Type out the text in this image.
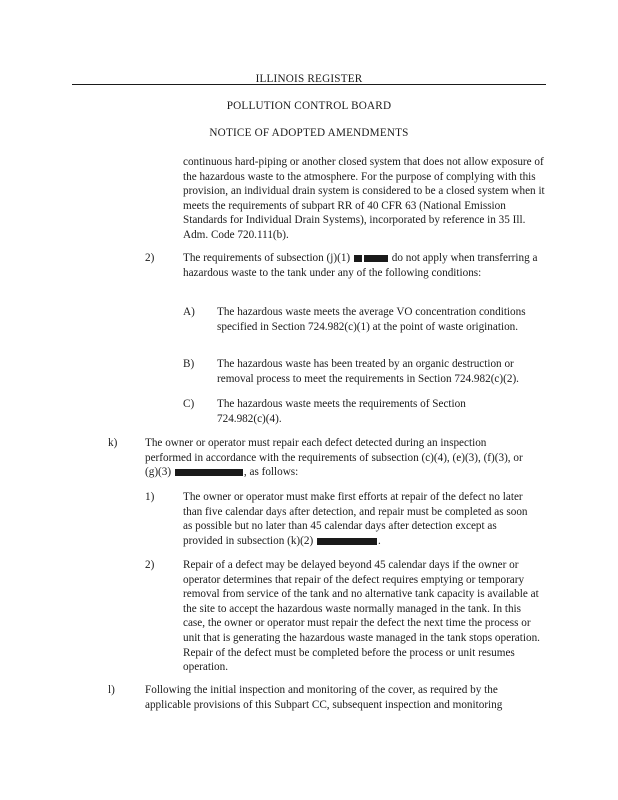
ILLINOIS REGISTER
POLLUTION CONTROL BOARD
NOTICE OF ADOPTED AMENDMENTS
continuous hard-piping or another closed system that does not allow exposure of the hazardous waste to the atmosphere. For the purpose of complying with this provision, an individual drain system is considered to be a closed system when it meets the requirements of subpart RR of 40 CFR 63 (National Emission Standards for Individual Drain Systems), incorporated by reference in 35 Ill. Adm. Code 720.111(b).
2)	The requirements of subsection (j)(1)	do not apply when transferring a hazardous waste to the tank under any of the following conditions:
A) The hazardous waste meets the average VO concentration conditions specified in Section 724.982(c)(1) at the point of waste origination.
B) The hazardous waste has been treated by an organic destruction or removal process to meet the requirements in Section 724.982(c)(2).
C) The hazardous waste meets the requirements of Section 724.982(c)(4).
k) The owner or operator must repair each defect detected during an inspection performed in accordance with the requirements of subsection (c)(4), (e)(3), (f)(3), or (g)(3)	, as follows:
1)	The owner or operator must make first efforts at repair of the defect no later than five calendar days after detection, and repair must be completed as soon as possible but no later than 45 calendar days after detection except as provided in subsection (k)(2)	.
2)	Repair of a defect may be delayed beyond 45 calendar days if the owner or operator determines that repair of the defect requires emptying or temporary removal from service of the tank and no alternative tank capacity is available at the site to accept the hazardous waste normally managed in the tank. In this case, the owner or operator must repair the defect the next time the process or unit that is generating the hazardous waste managed in the tank stops operation. Repair of the defect must be completed before the process or unit resumes operation.
l)	Following the initial inspection and monitoring of the cover, as required by the applicable provisions of this Subpart CC, subsequent inspection and monitoring
